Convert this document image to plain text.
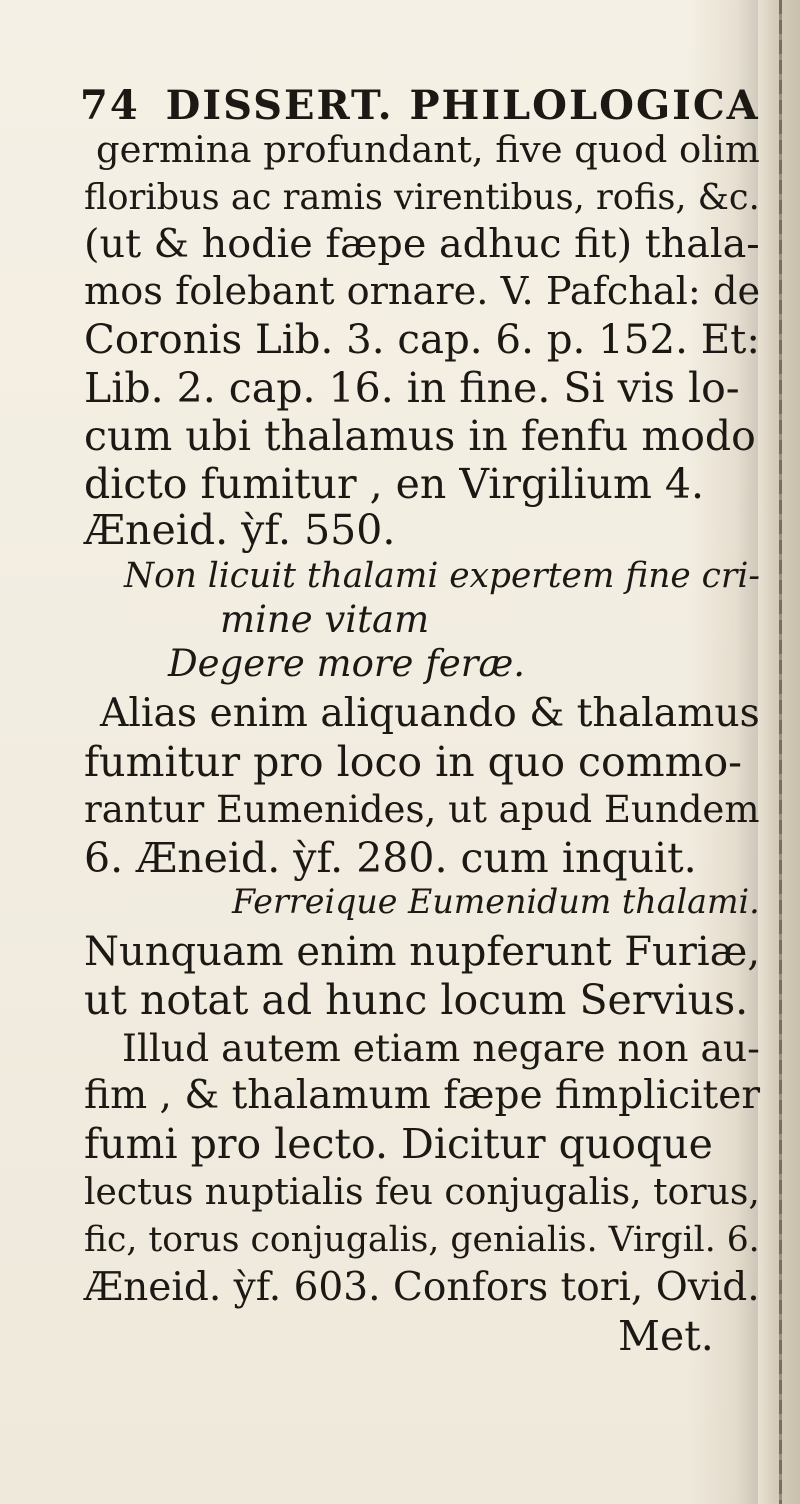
74 DISSERT. PHILOLOGICA
germina profundant, five quod olim
floribus ac ramis virentibus, rofis, &c.
(ut & hodie fæpe adhuc fit) thala-
mos folebant ornare. V. Pafchal: de
Coronis Lib. 3. cap. 6. p. 152. Et:
Lib. 2. cap. 16. in fine. Si vis lo-
cum ubi thalamus in fenfu modo
dicto fumitur , en Virgilium 4.
Æneid. ỳf. 550.
Non licuit thalami expertem fine cri-
mine vitam
Degere more feræ.
Alias enim aliquando & thalamus
fumitur pro loco in quo commo-
rantur Eumenides, ut apud Eundem
6. Æneid. ỳf. 280. cum inquit.
Ferreique Eumenidum thalami.
Nunquam enim nupferunt Furiæ,
ut notat ad hunc locum Servius.
Illud autem etiam negare non au-
fim , & thalamum fæpe fimpliciter
fumi pro lecto. Dicitur quoque
lectus nuptialis feu conjugalis, torus,
fic, torus conjugalis, genialis. Virgil. 6.
Æneid. ỳf. 603. Confors tori, Ovid.
Met.
